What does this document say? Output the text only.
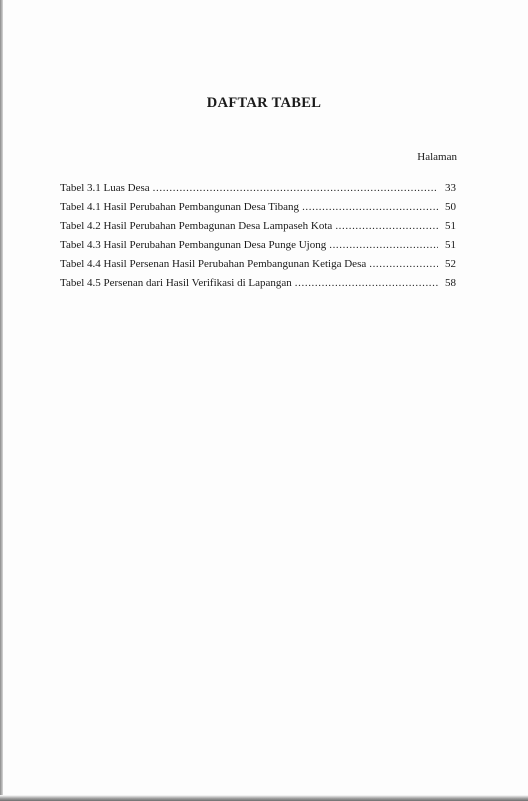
DAFTAR TABEL
Halaman
Tabel 3.1 Luas Desa .....	33
Tabel 4.1 Hasil Perubahan Pembangunan Desa Tibang .....	50
Tabel 4.2 Hasil Perubahan Pembagunan Desa Lampaseh Kota .....	51
Tabel 4.3 Hasil Perubahan Pembangunan Desa Punge Ujong .....	51
Tabel 4.4 Hasil Persenan Hasil Perubahan Pembangunan Ketiga Desa .....	52
Tabel 4.5 Persenan dari Hasil Verifikasi di Lapangan .....	58
